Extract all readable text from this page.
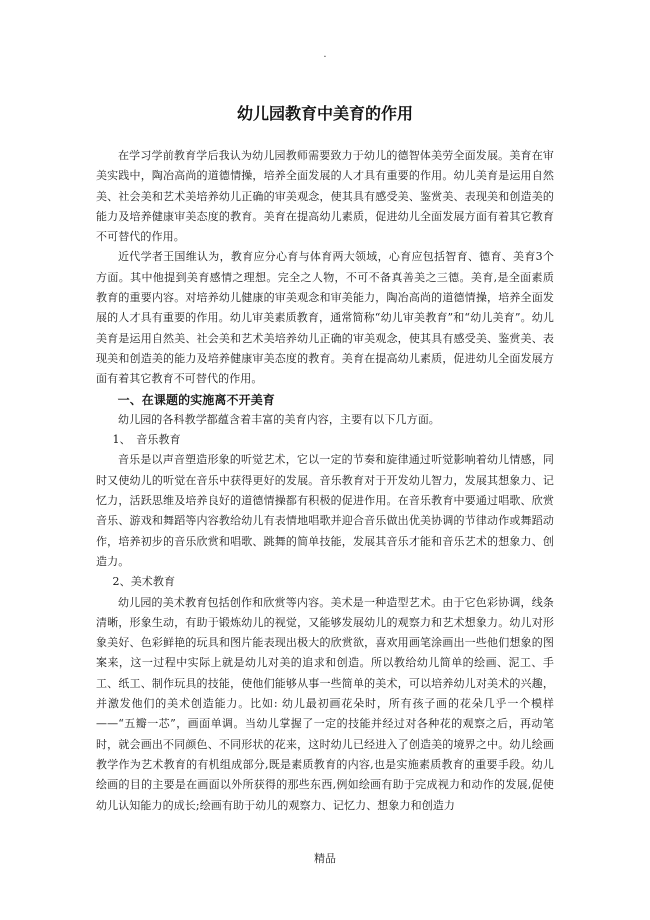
.
幼儿园教育中美育的作用

在学习学前教育学后我认为幼儿园教师需要致力于幼儿的德智体美劳全面发展。美育在审美实践中，陶冶高尚的道德情操，培养全面发展的人才具有重要的作用。幼儿美育是运用自然美、社会美和艺术美培养幼儿正确的审美观念，使其具有感受美、鉴赏美、表现美和创造美的能力及培养健康审美态度的教育。美育在提高幼儿素质，促进幼儿全面发展方面有着其它教育不可替代的作用。

近代学者王国维认为，教育应分心育与体育两大领域，心育应包括智育、德育、美育3个方面。其中他提到美育感情之理想。完全之人物，不可不备真善美之三德。美育,是全面素质教育的重要内容。对培养幼儿健康的审美观念和审美能力，陶冶高尚的道德情操，培养全面发展的人才具有重要的作用。幼儿审美素质教育，通常简称“幼儿审美教育”和“幼儿美育”。幼儿美育是运用自然美、社会美和艺术美培养幼儿正确的审美观念，使其具有感受美、鉴赏美、表现美和创造美的能力及培养健康审美态度的教育。美育在提高幼儿素质，促进幼儿全面发展方面有着其它教育不可替代的作用。

一、在课题的实施离不开美育

幼儿园的各科教学都蕴含着丰富的美育内容，主要有以下几方面。

1、　音乐教育

音乐是以声音塑造形象的听觉艺术，它以一定的节奏和旋律通过听觉影响着幼儿情感，同时又使幼儿的听觉在音乐中获得更好的发展。音乐教育对于开发幼儿智力，发展其想象力、记忆力，活跃思维及培养良好的道德情操都有积极的促进作用。在音乐教育中要通过唱歌、欣赏音乐、游戏和舞蹈等内容教给幼儿有表情地唱歌并迎合音乐做出优美协调的节律动作或舞蹈动作，培养初步的音乐欣赏和唱歌、跳舞的简单技能，发展其音乐才能和音乐艺术的想象力、创造力。

2、美术教育

幼儿园的美术教育包括创作和欣赏等内容。美术是一种造型艺术。由于它色彩协调，线条清晰，形象生动，有助于锻炼幼儿的视觉，又能够发展幼儿的观察力和艺术想象力。幼儿对形象美好、色彩鲜艳的玩具和图片能表现出极大的欣赏欲，喜欢用画笔涂画出一些他们想象的图案来，这一过程中实际上就是幼儿对美的追求和创造。所以教给幼儿简单的绘画、泥工、手工、纸工、制作玩具的技能，使他们能够从事一些简单的美术，可以培养幼儿对美术的兴趣，并激发他们的美术创造能力。比如: 幼儿最初画花朵时，所有孩子画的花朵几乎一个模样——“五瓣一芯”，画面单调。当幼儿掌握了一定的技能并经过对各种花的观察之后，再动笔时，就会画出不同颜色、不同形状的花来，这时幼儿已经进入了创造美的境界之中。幼儿绘画教学作为艺术教育的有机组成部分,既是素质教育的内容,也是实施素质教育的重要手段。幼儿绘画的目的主要是在画面以外所获得的那些东西,例如绘画有助于完成视力和动作的发展,促使幼儿认知能力的成长;绘画有助于幼儿的观察力、记忆力、想象力和创造力

精品
